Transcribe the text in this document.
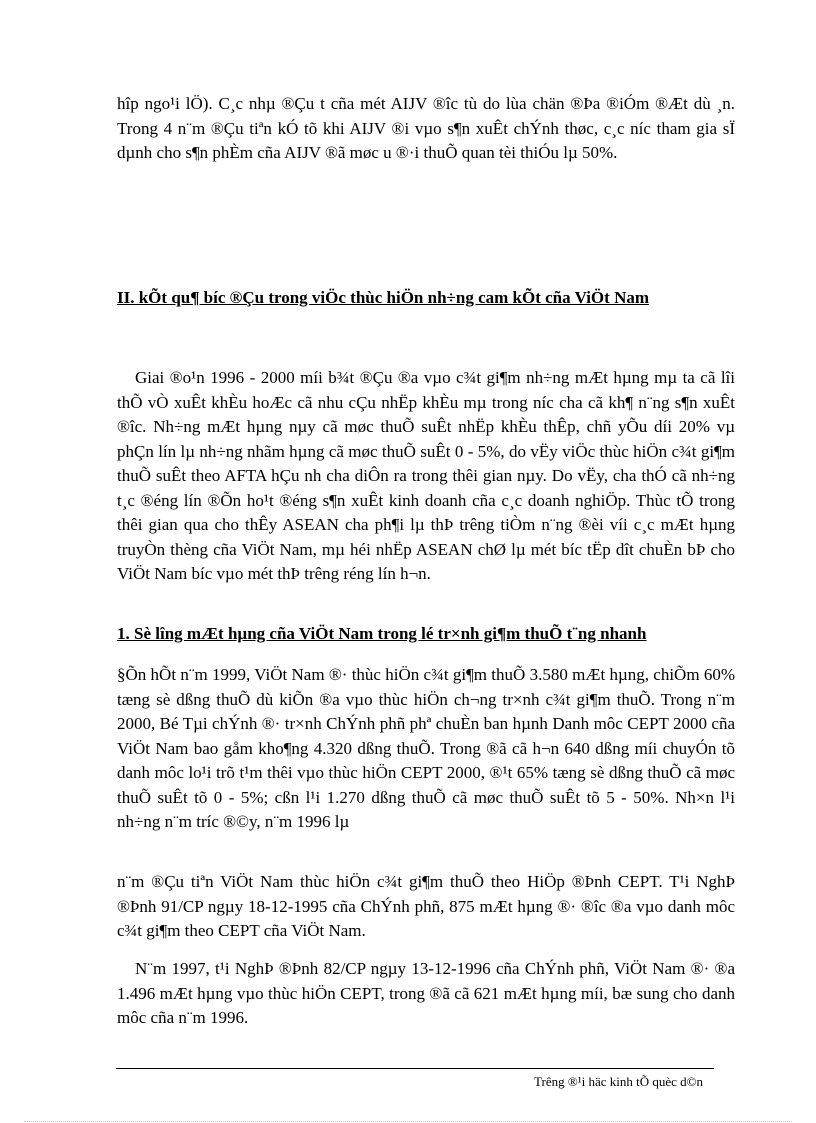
hîp ngo¹i lÖ). C¸c nhµ ®Çu t cña mét AIJV ®îc tù do lùa chän ®Þa ®iÓm ®Æt dù ¸n. Trong 4 n¨m ®Çu tiªn kÓ tõ khi AIJV ®i vµo s¶n xuÊt chÝnh thøc, c¸c níc tham gia sÏ dµnh cho s¶n phÈm cña AIJV ®ã møc u ®·i thuÕ quan tèi thiÓu lµ 50%.

II. kÕt qu¶ bíc ®Çu trong viÖc thùc hiÖn nh÷ng cam kÕt cña ViÖt Nam

Giai ®o¹n 1996 - 2000 míi b¾t ®Çu ®a vµo c¾t gi¶m nh÷ng mÆt hµng mµ ta cã lîi thÕ vÒ xuÊt khÈu hoÆc cã nhu cÇu nhËp khÈu mµ trong níc cha cã kh¶ n¨ng s¶n xuÊt ®îc. Nh÷ng mÆt hµng nµy cã møc thuÕ suÊt nhËp khÈu thÊp, chñ yÕu díi 20% vµ phÇn lín lµ nh÷ng nhãm hµng cã møc thuÕ suÊt 0 - 5%, do vËy viÖc thùc hiÖn c¾t gi¶m thuÕ suÊt theo AFTA hÇu nh cha diÔn ra trong thêi gian nµy. Do vËy, cha thÓ cã nh÷ng t¸c ®éng lín ®Õn ho¹t ®éng s¶n xuÊt kinh doanh cña c¸c doanh nghiÖp. Thùc tÕ trong thêi gian qua cho thÊy ASEAN cha ph¶i lµ thÞ trêng tiÒm n¨ng ®èi víi c¸c mÆt hµng truyÒn thèng cña ViÖt Nam, mµ héi nhËp ASEAN chØ lµ mét bíc tËp dît chuÈn bÞ cho ViÖt Nam bíc vµo mét thÞ trêng réng lín h¬n.

1. Sè lîng mÆt hµng cña ViÖt Nam trong lé tr×nh gi¶m thuÕ t¨ng nhanh

§Õn hÕt n¨m 1999, ViÖt Nam ®· thùc hiÖn c¾t gi¶m thuÕ 3.580 mÆt hµng, chiÕm 60% tæng sè dßng thuÕ dù kiÕn ®a vµo thùc hiÖn ch¬ng tr×nh c¾t gi¶m thuÕ. Trong n¨m 2000, Bé Tµi chÝnh ®· tr×nh ChÝnh phñ phª chuÈn ban hµnh Danh môc CEPT 2000 cña ViÖt Nam bao gåm kho¶ng 4.320 dßng thuÕ. Trong ®ã cã h¬n 640 dßng míi chuyÓn tõ danh môc lo¹i trõ t¹m thêi vµo thùc hiÖn CEPT 2000, ®¹t 65% tæng sè dßng thuÕ cã møc thuÕ suÊt tõ 0 - 5%; cßn l¹i 1.270 dßng thuÕ cã møc thuÕ suÊt tõ 5 - 50%. Nh×n l¹i nh÷ng n¨m tríc ®©y, n¨m 1996 lµ

n¨m ®Çu tiªn ViÖt Nam thùc hiÖn c¾t gi¶m thuÕ theo HiÖp ®Þnh CEPT. T¹i NghÞ ®Þnh 91/CP ngµy 18-12-1995 cña ChÝnh phñ, 875 mÆt hµng ®· ®îc ®a vµo danh môc c¾t gi¶m theo CEPT cña ViÖt Nam.

N¨m 1997, t¹i NghÞ ®Þnh 82/CP ngµy 13-12-1996 cña ChÝnh phñ, ViÖt Nam ®· ®a 1.496 mÆt hµng vµo thùc hiÖn CEPT, trong ®ã cã 621 mÆt hµng míi, bæ sung cho danh môc cña n¨m 1996.

Trêng ®¹i häc kinh tÕ quèc d©n
